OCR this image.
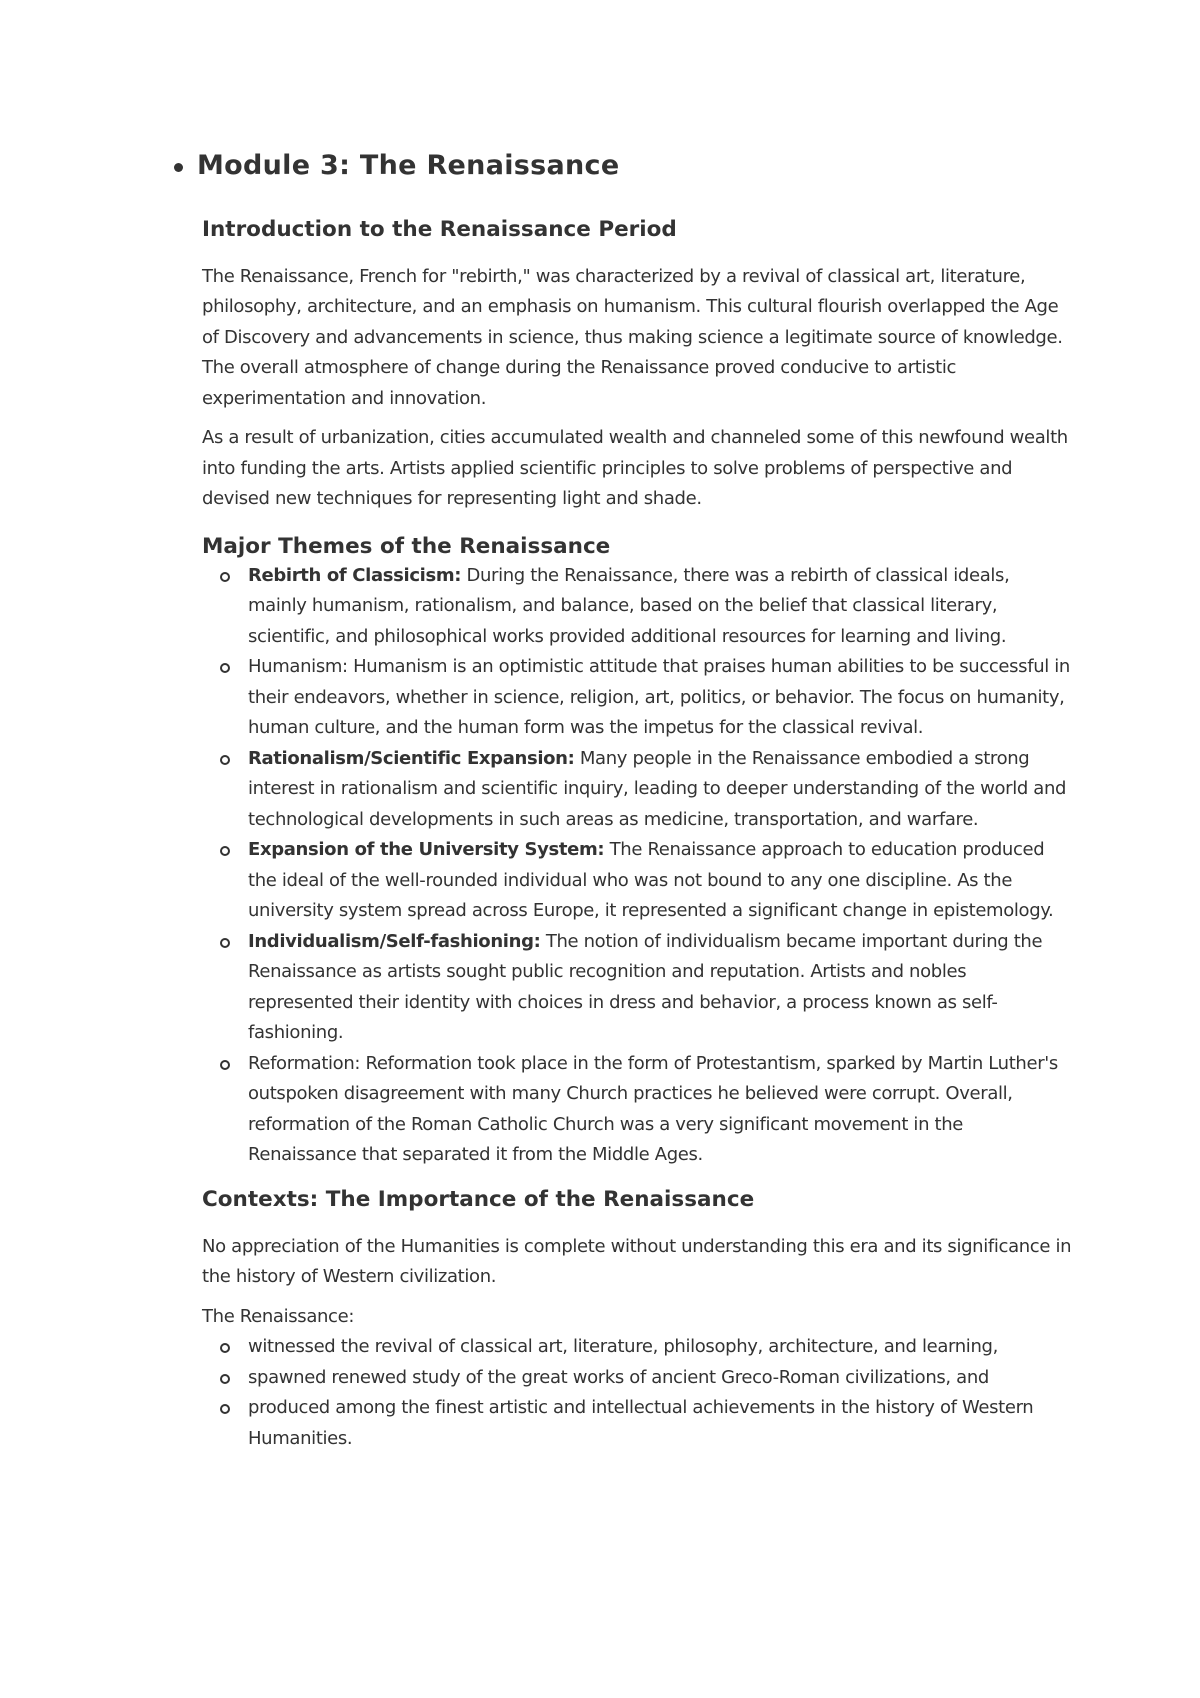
Module 3: The Renaissance
Introduction to the Renaissance Period

The Renaissance, French for "rebirth," was characterized by a revival of classical art, literature, philosophy, architecture, and an emphasis on humanism. This cultural flourish overlapped the Age of Discovery and advancements in science, thus making science a legitimate source of knowledge. The overall atmosphere of change during the Renaissance proved conducive to artistic experimentation and innovation.

As a result of urbanization, cities accumulated wealth and channeled some of this newfound wealth into funding the arts. Artists applied scientific principles to solve problems of perspective and devised new techniques for representing light and shade.

Major Themes of the Renaissance
Rebirth of Classicism: During the Renaissance, there was a rebirth of classical ideals, mainly humanism, rationalism, and balance, based on the belief that classical literary, scientific, and philosophical works provided additional resources for learning and living.
Humanism: Humanism is an optimistic attitude that praises human abilities to be successful in their endeavors, whether in science, religion, art, politics, or behavior. The focus on humanity, human culture, and the human form was the impetus for the classical revival.
Rationalism/Scientific Expansion: Many people in the Renaissance embodied a strong interest in rationalism and scientific inquiry, leading to deeper understanding of the world and technological developments in such areas as medicine, transportation, and warfare.
Expansion of the University System: The Renaissance approach to education produced the ideal of the well-rounded individual who was not bound to any one discipline. As the university system spread across Europe, it represented a significant change in epistemology.
Individualism/Self-fashioning: The notion of individualism became important during the Renaissance as artists sought public recognition and reputation. Artists and nobles represented their identity with choices in dress and behavior, a process known as self-fashioning.
Reformation: Reformation took place in the form of Protestantism, sparked by Martin Luther's outspoken disagreement with many Church practices he believed were corrupt. Overall, reformation of the Roman Catholic Church was a very significant movement in the Renaissance that separated it from the Middle Ages.
Contexts: The Importance of the Renaissance

No appreciation of the Humanities is complete without understanding this era and its significance in the history of Western civilization.

The Renaissance:

witnessed the revival of classical art, literature, philosophy, architecture, and learning,
spawned renewed study of the great works of ancient Greco-Roman civilizations, and
produced among the finest artistic and intellectual achievements in the history of Western Humanities.
